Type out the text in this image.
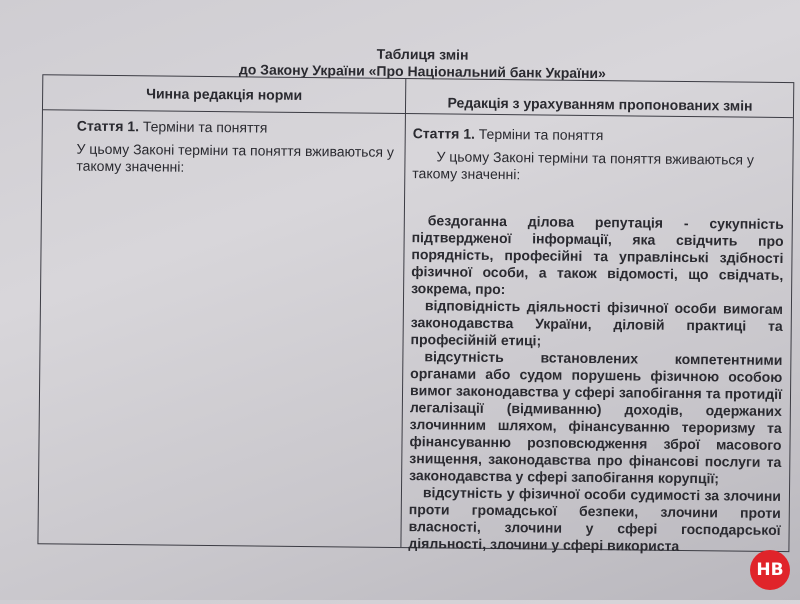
Таблиця змін
до Закону України «Про Національний банк України»
Чинна редакція норми
Редакція з урахуванням пропонованих змін
Стаття 1. Терміни та поняття

У цьому Законі терміни та поняття вживаються у такому значенні:

Стаття 1. Терміни та поняття

У цьому Законі терміни та поняття вживаються у такому значенні:

бездоганна ділова репутація - сукупність підтвердженої інформації, яка свідчить про порядність, професійні та управлінські здібності фізичної особи, а також відомості, що свідчать, зокрема, про:

відповідність діяльності фізичної особи вимогам законодавства України, діловій практиці та професійній етиці;

відсутність встановлених компетентними органами або судом порушень фізичною особою вимог законодавства у сфері запобігання та протидії легалізації (відмиванню) доходів, одержаних злочинним шляхом, фінансуванню тероризму та фінансуванню розповсюдження зброї масового знищення, законодавства про фінансові послуги та законодавства у сфері запобігання корупції;

відсутність у фізичної особи судимості за злочини проти громадської безпеки, злочини проти власності, злочини у сфері господарської діяльності, злочини у сфері використа

НВ
